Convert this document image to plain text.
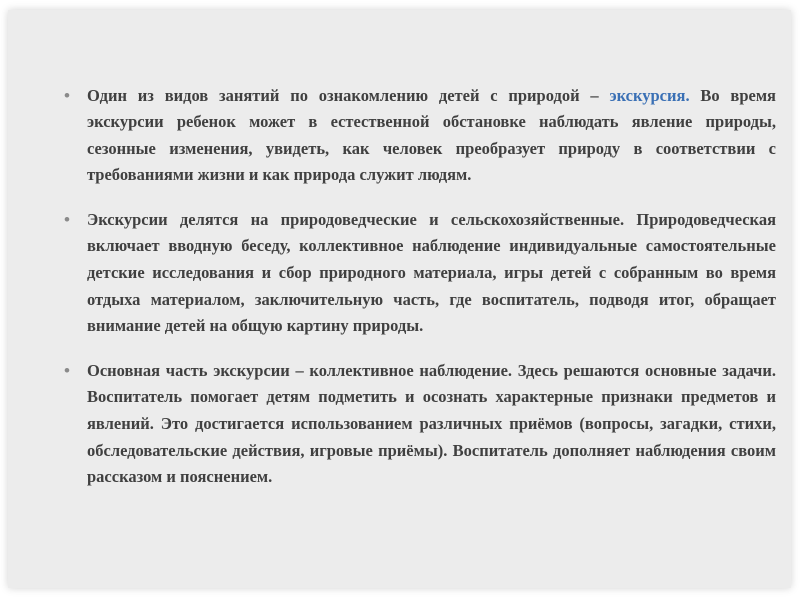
• Один из видов занятий по ознакомлению детей с природой – экскурсия. Во время экскурсии ребенок может в естественной обстановке наблюдать явление природы, сезонные изменения, увидеть, как человек преобразует природу в соответствии с требованиями жизни и как природа служит людям.

• Экскурсии делятся на природоведческие и сельскохозяйственные. Природоведческая включает вводную беседу, коллективное наблюдение индивидуальные самостоятельные детские исследования и сбор природного материала, игры детей с собранным во время отдыха материалом, заключительную часть, где воспитатель, подводя итог, обращает внимание детей на общую картину природы.

• Основная часть экскурсии – коллективное наблюдение. Здесь решаются основные задачи. Воспитатель помогает детям подметить и осознать характерные признаки предметов и явлений. Это достигается использованием различных приёмов (вопросы, загадки, стихи, обследовательские действия, игровые приёмы). Воспитатель дополняет наблюдения своим рассказом и пояснением.
